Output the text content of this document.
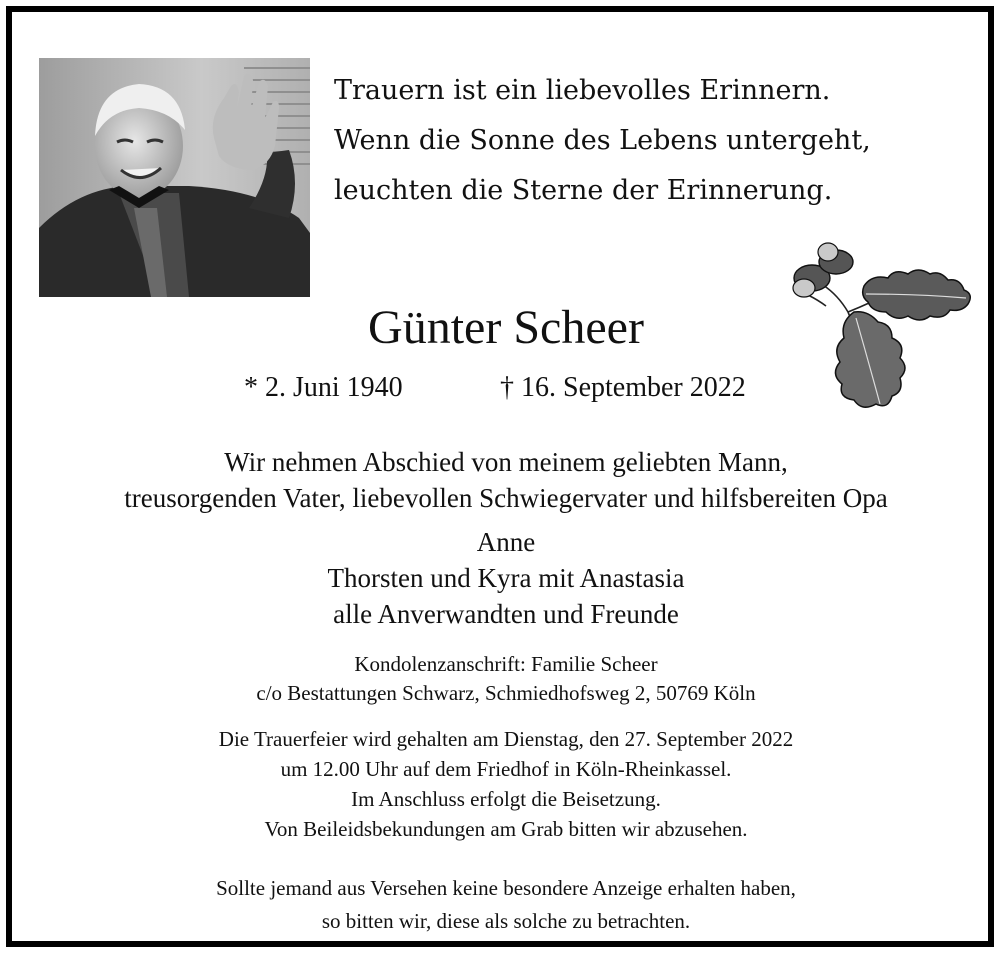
Trauern ist ein liebevolles Erinnern.
Wenn die Sonne des Lebens untergeht,
leuchten die Sterne der Erinnerung.
Günter Scheer
* 2. Juni 1940	† 16. September 2022
Wir nehmen Abschied von meinem geliebten Mann,
treusorgenden Vater, liebevollen Schwiegervater und hilfsbereiten Opa
Anne
Thorsten und Kyra mit Anastasia
alle Anverwandten und Freunde
Kondolenzanschrift: Familie Scheer
c/o Bestattungen Schwarz, Schmiedhofsweg 2, 50769 Köln
Die Trauerfeier wird gehalten am Dienstag, den 27. September 2022
um 12.00 Uhr auf dem Friedhof in Köln-Rheinkassel.
Im Anschluss erfolgt die Beisetzung.
Von Beileidsbekundungen am Grab bitten wir abzusehen.
Sollte jemand aus Versehen keine besondere Anzeige erhalten haben,
so bitten wir, diese als solche zu betrachten.
